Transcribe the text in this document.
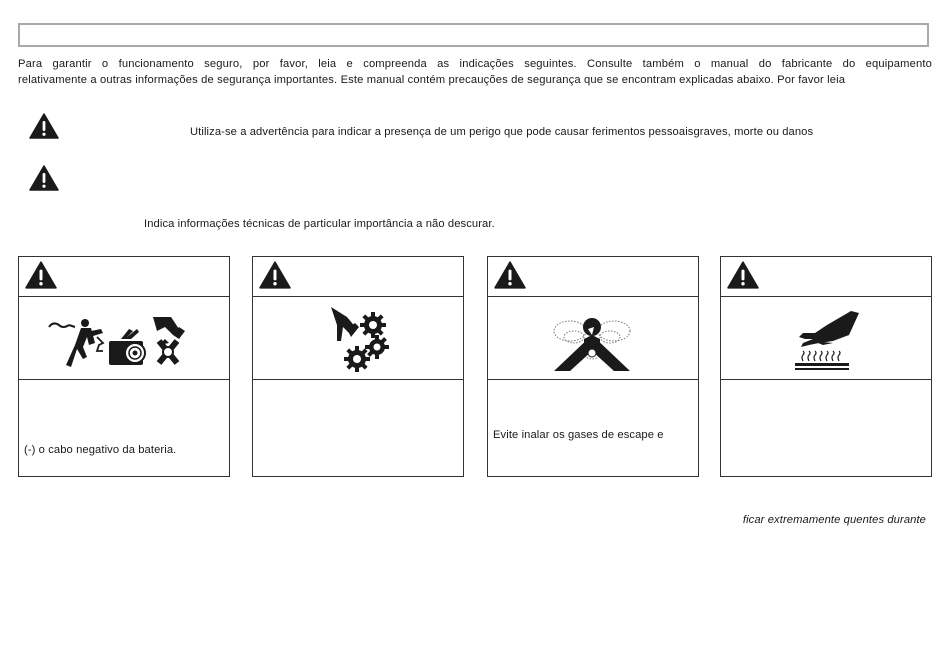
Para garantir o funcionamento seguro, por favor, leia e compreenda as indicações seguintes. Consulte também o manual do fabricante do equipamento
relativamente a outras informações de segurança importantes. Este manual contém precauções de segurança que se encontram explicadas abaixo. Por favor leia
Utiliza-se a advertência para indicar a presença de um perigo que pode causar ferimentos pessoaisgraves, morte ou danos
Indica informações técnicas de particular importância a não descurar.
(-) o cabo negativo da bateria.
Evite inalar os gases de escape e
ficar extremamente quentes durante
